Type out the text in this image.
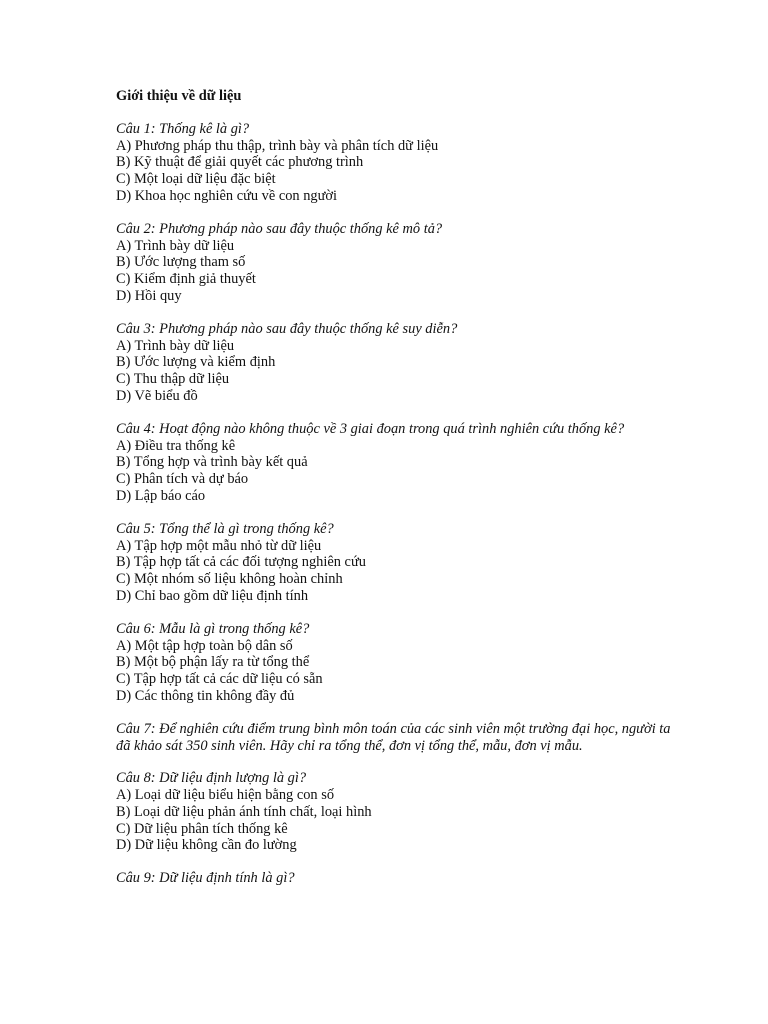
Giới thiệu về dữ liệu
Câu 1: Thống kê là gì?
A) Phương pháp thu thập, trình bày và phân tích dữ liệu
B) Kỹ thuật để giải quyết các phương trình
C) Một loại dữ liệu đặc biệt
D) Khoa học nghiên cứu về con người
Câu 2: Phương pháp nào sau đây thuộc thống kê mô tả?
A) Trình bày dữ liệu
B) Ước lượng tham số
C) Kiểm định giả thuyết
D) Hồi quy
Câu 3: Phương pháp nào sau đây thuộc thống kê suy diễn?
A) Trình bày dữ liệu
B) Ước lượng và kiểm định
C) Thu thập dữ liệu
D) Vẽ biểu đồ
Câu 4: Hoạt động nào không thuộc về 3 giai đoạn trong quá trình nghiên cứu thống kê?
A) Điều tra thống kê
B) Tổng hợp và trình bày kết quả
C) Phân tích và dự báo
D) Lập báo cáo
Câu 5: Tổng thể là gì trong thống kê?
A) Tập hợp một mẫu nhỏ từ dữ liệu
B) Tập hợp tất cả các đối tượng nghiên cứu
C) Một nhóm số liệu không hoàn chỉnh
D) Chỉ bao gồm dữ liệu định tính
Câu 6: Mẫu là gì trong thống kê?
A) Một tập hợp toàn bộ dân số
B) Một bộ phận lấy ra từ tổng thể
C) Tập hợp tất cả các dữ liệu có sẵn
D) Các thông tin không đầy đủ
Câu 7: Để nghiên cứu điểm trung bình môn toán của các sinh viên một trường đại học, người ta đã khảo sát 350 sinh viên. Hãy chỉ ra tổng thể, đơn vị tổng thể, mẫu, đơn vị mẫu.
Câu 8: Dữ liệu định lượng là gì?
A) Loại dữ liệu biểu hiện bằng con số
B) Loại dữ liệu phản ánh tính chất, loại hình
C) Dữ liệu phân tích thống kê
D) Dữ liệu không cần đo lường
Câu 9: Dữ liệu định tính là gì?
